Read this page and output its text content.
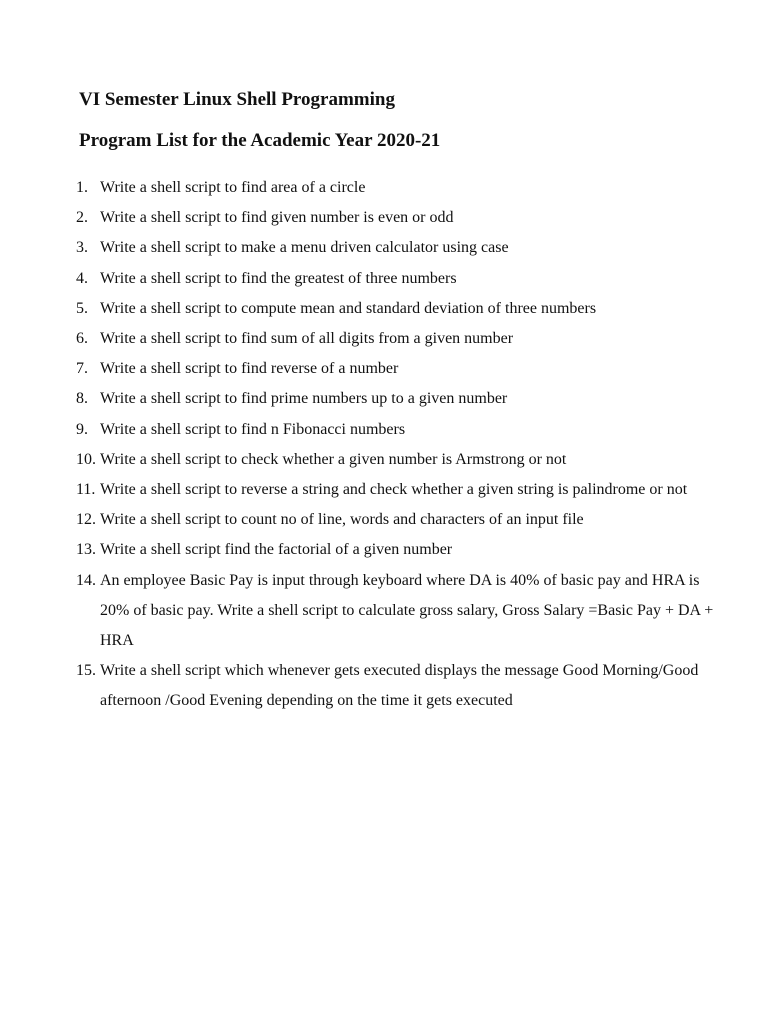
VI Semester Linux Shell Programming
Program List for the Academic Year 2020-21
1. Write a shell script to find area of a circle
2. Write a shell script to find given number is even or odd
3. Write a shell script to make a menu driven calculator using case
4. Write a shell script to find the greatest of three numbers
5. Write a shell script to compute mean and standard deviation of three numbers
6. Write a shell script to find sum of all digits from a given number
7. Write a shell script to find reverse of a number
8. Write a shell script to find prime numbers up to a given number
9. Write a shell script to find n Fibonacci numbers
10. Write a shell script to check whether a given number is Armstrong or not
11. Write a shell script to reverse a string and check whether a given string is palindrome or not
12. Write a shell script to count no of line, words and characters of an input file
13. Write a shell script find the factorial of a given number
14. An employee Basic Pay is input through keyboard where DA is 40% of basic pay and HRA is 20% of basic pay. Write a shell script to calculate gross salary, Gross Salary =Basic Pay + DA + HRA
15. Write a shell script which whenever gets executed displays the message Good Morning/Good afternoon /Good Evening depending on the time it gets executed
